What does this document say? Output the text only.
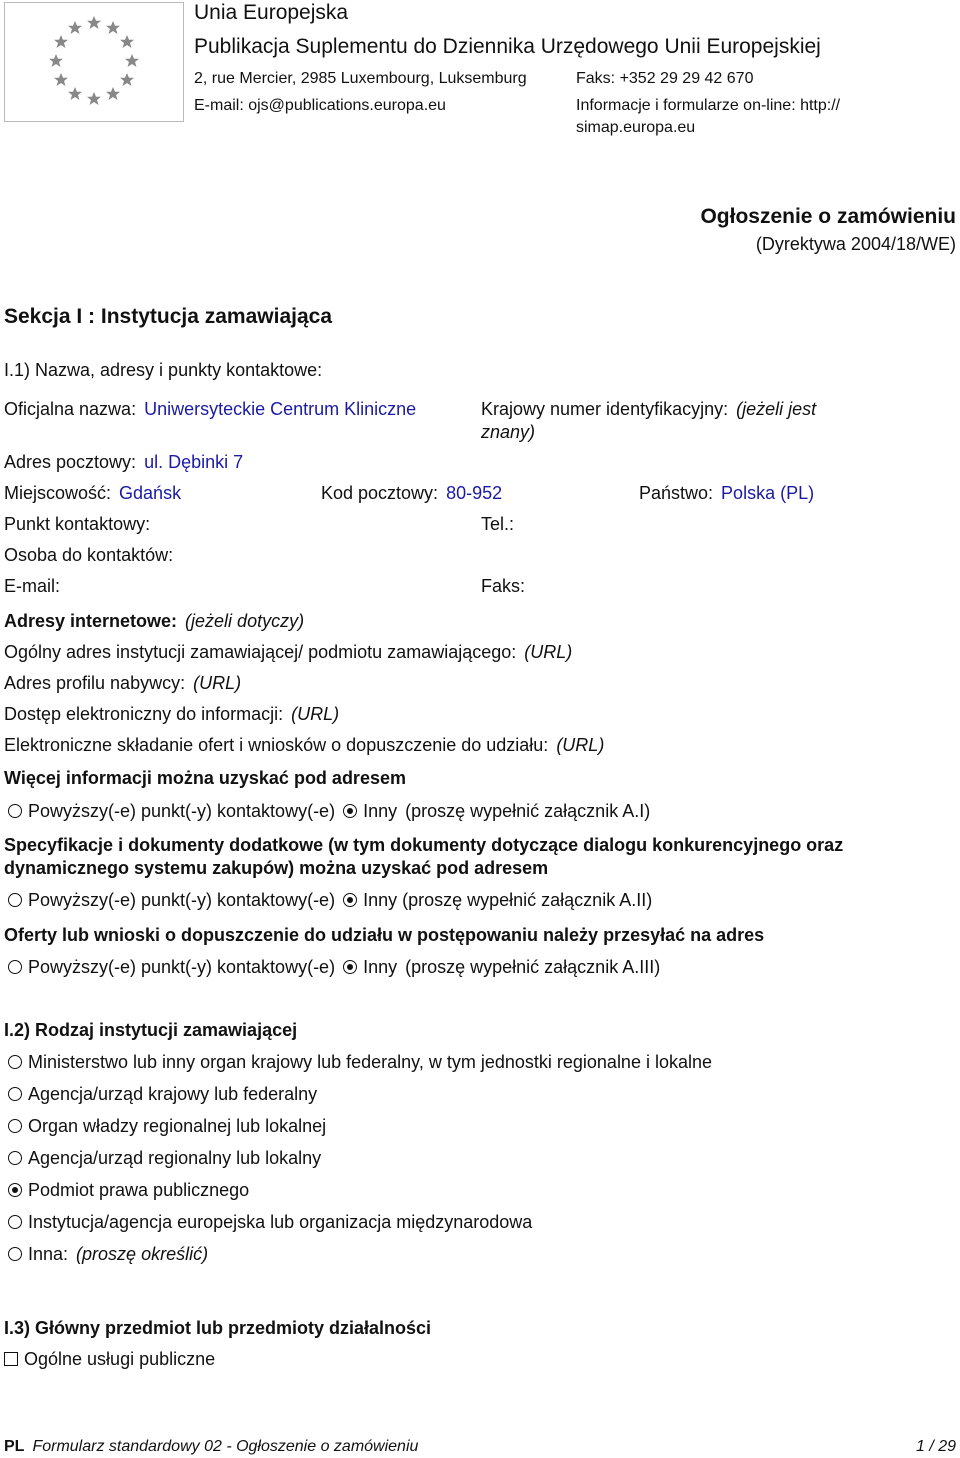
Unia Europejska
Publikacja Suplementu do Dziennika Urzędowego Unii Europejskiej
2, rue Mercier, 2985 Luxembourg, Luksemburg	Faks: +352 29 29 42 670
E-mail: ojs@publications.europa.eu	Informacje i formularze on-line: http://
simap.europa.eu
Ogłoszenie o zamówieniu
(Dyrektywa 2004/18/WE)
Sekcja I : Instytucja zamawiająca
I.1) Nazwa, adresy i punkty kontaktowe:
Oficjalna nazwa: Uniwersyteckie Centrum Kliniczne	Krajowy numer identyfikacyjny: (jeżeli jest
znany)
Adres pocztowy: ul. Dębinki 7
Miejscowość: Gdańsk	Kod pocztowy: 80-952	Państwo: Polska (PL)
Punkt kontaktowy:	Tel.:
Osoba do kontaktów:
E-mail:	Faks:
Adresy internetowe: (jeżeli dotyczy)
Ogólny adres instytucji zamawiającej/ podmiotu zamawiającego: (URL)
Adres profilu nabywcy: (URL)
Dostęp elektroniczny do informacji: (URL)
Elektroniczne składanie ofert i wniosków o dopuszczenie do udziału: (URL)
Więcej informacji można uzyskać pod adresem
Powyższy(-e) punkt(-y) kontaktowy(-e) Inny (proszę wypełnić załącznik A.I)
Specyfikacje i dokumenty dodatkowe (w tym dokumenty dotyczące dialogu konkurencyjnego oraz
dynamicznego systemu zakupów) można uzyskać pod adresem
Powyższy(-e) punkt(-y) kontaktowy(-e) Inny (proszę wypełnić załącznik A.II)
Oferty lub wnioski o dopuszczenie do udziału w postępowaniu należy przesyłać na adres
Powyższy(-e) punkt(-y) kontaktowy(-e) Inny (proszę wypełnić załącznik A.III)
I.2) Rodzaj instytucji zamawiającej
Ministerstwo lub inny organ krajowy lub federalny, w tym jednostki regionalne i lokalne
Agencja/urząd krajowy lub federalny
Organ władzy regionalnej lub lokalnej
Agencja/urząd regionalny lub lokalny
Podmiot prawa publicznego
Instytucja/agencja europejska lub organizacja międzynarodowa
Inna: (proszę określić)
I.3) Główny przedmiot lub przedmioty działalności
Ogólne usługi publiczne
PL Formularz standardowy 02 - Ogłoszenie o zamówieniu	1 / 29
